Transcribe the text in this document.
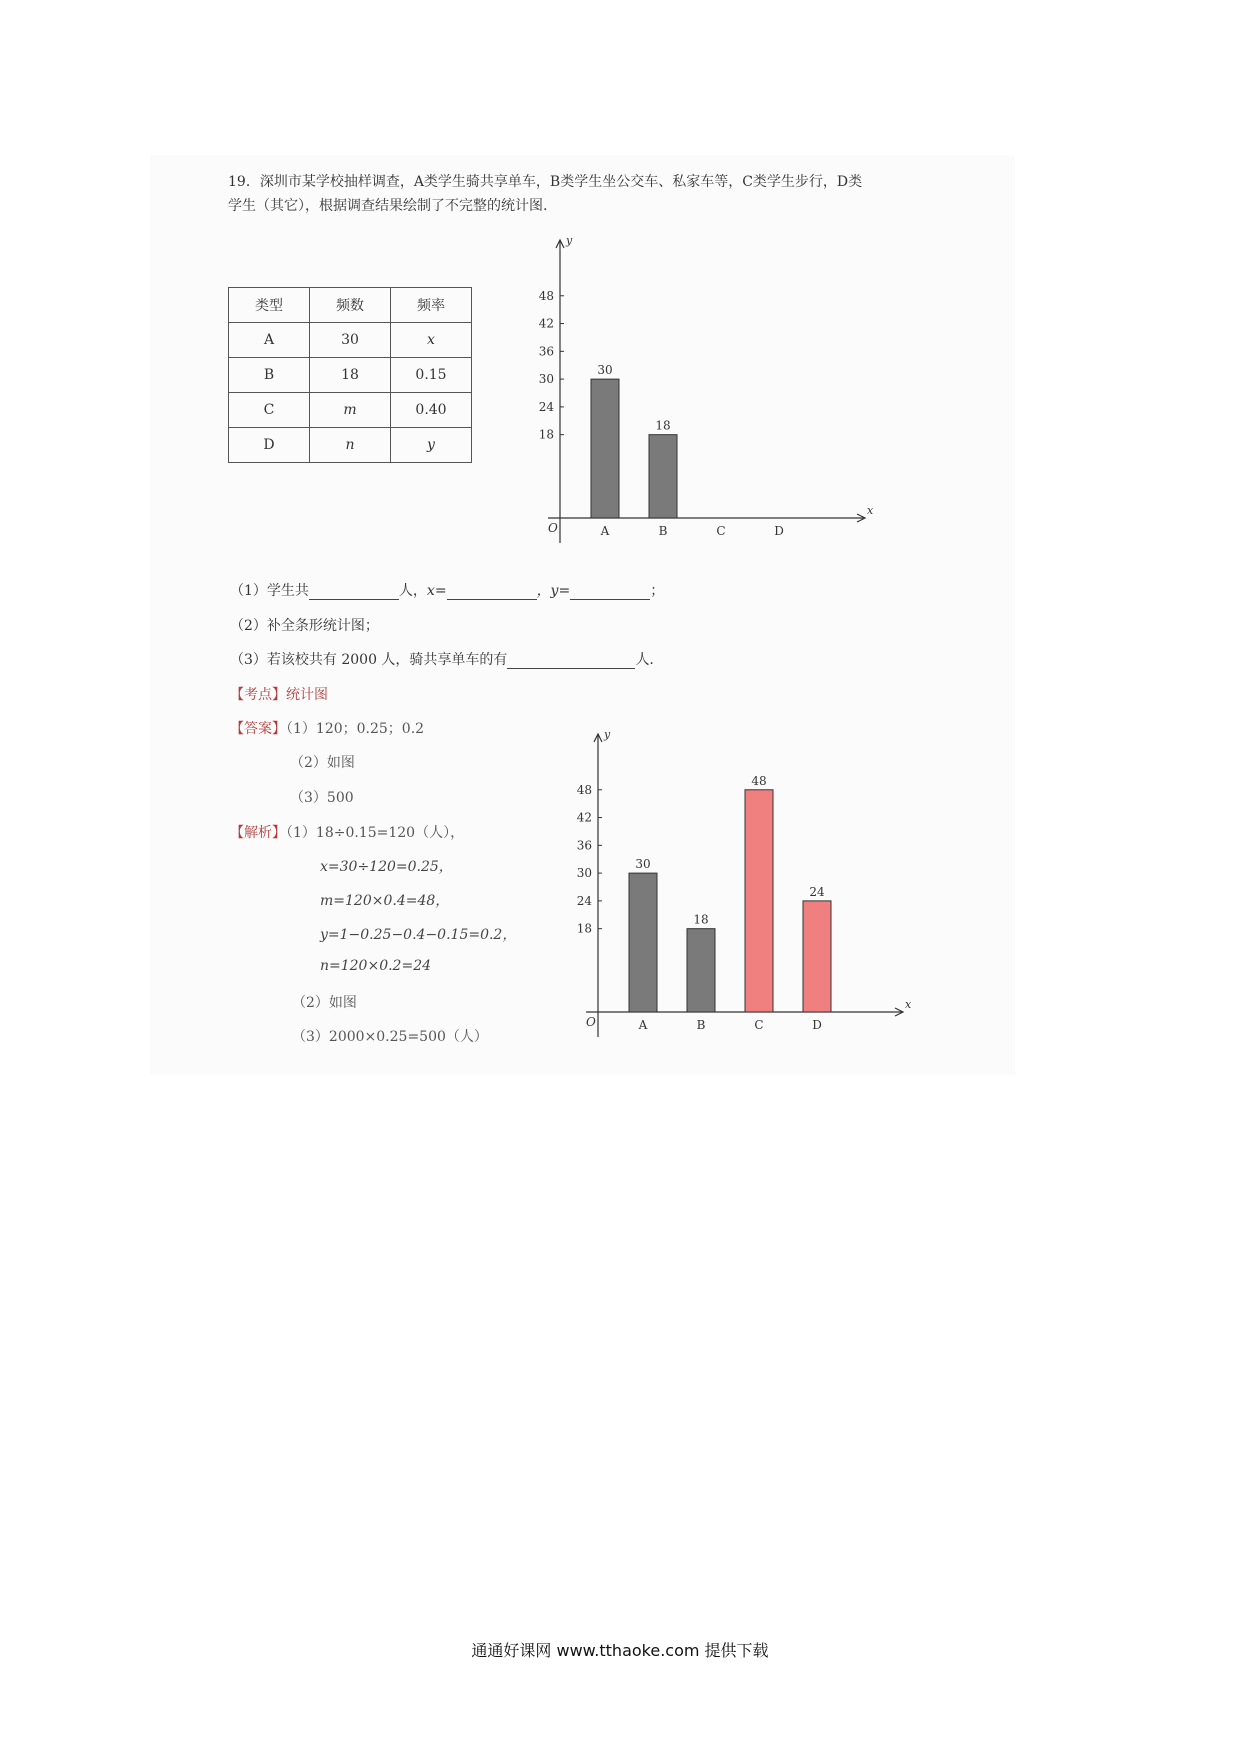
19．深圳市某学校抽样调查，A类学生骑共享单车，B类学生坐公交车、私家车等，C类学生步行，D类
学生（其它），根据调查结果绘制了不完整的统计图.
类型	频数	频率
A	30	x
B	18	0.15
C	m	0.40
D	n	y
y
x
O
18
24
30
36
42
48
A
30
B
18
C	D
（1）学生共	人，x=	，y=	；
（2）补全条形统计图；
（3）若该校共有 2000 人，骑共享单车的有	人.
【考点】统计图
【答案】（1）120；0.25；0.2
（2）如图
（3）500
【解析】（1）18÷0.15=120（人），
x=30÷120=0.25，
m=120×0.4=48，
y=1−0.25−0.4−0.15=0.2，
n=120×0.2=24
（2）如图
（3）2000×0.25=500（人）
y
x
O
18
24
30
36
42
48
A
30
B
18
C
48
D
24
通通好课网 www.tthaoke.com 提供下载
